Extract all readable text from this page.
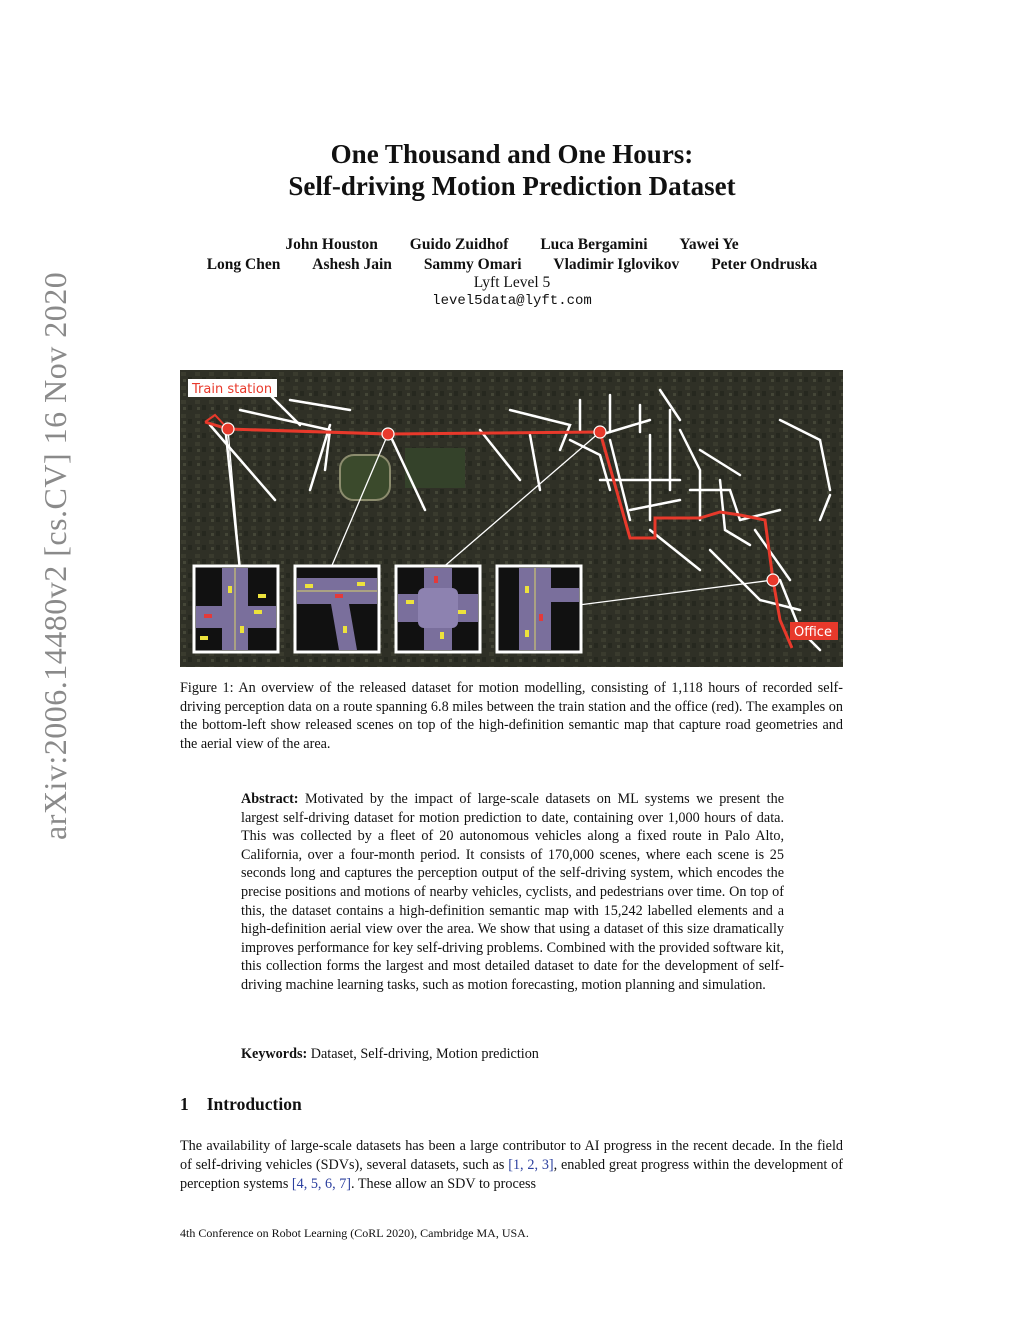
arXiv:2006.14480v2 [cs.CV] 16 Nov 2020
One Thousand and One Hours:
Self-driving Motion Prediction Dataset
John Houston Guido Zuidhof Luca Bergamini Yawei Ye
Long Chen Ashesh Jain Sammy Omari Vladimir Iglovikov Peter Ondruska
Lyft Level 5
level5data@lyft.com
Train station
Office
Figure 1: An overview of the released dataset for motion modelling, consisting of 1,118 hours of recorded self-driving perception data on a route spanning 6.8 miles between the train station and the office (red). The examples on the bottom-left show released scenes on top of the high-definition semantic map that capture road geometries and the aerial view of the area.
Abstract: Motivated by the impact of large-scale datasets on ML systems we present the largest self-driving dataset for motion prediction to date, containing over 1,000 hours of data. This was collected by a fleet of 20 autonomous vehicles along a fixed route in Palo Alto, California, over a four-month period. It consists of 170,000 scenes, where each scene is 25 seconds long and captures the perception output of the self-driving system, which encodes the precise positions and motions of nearby vehicles, cyclists, and pedestrians over time. On top of this, the dataset contains a high-definition semantic map with 15,242 labelled elements and a high-definition aerial view over the area. We show that using a dataset of this size dramatically improves performance for key self-driving problems. Combined with the provided software kit, this collection forms the largest and most detailed dataset to date for the development of self-driving machine learning tasks, such as motion forecasting, motion planning and simulation.
Keywords: Dataset, Self-driving, Motion prediction
1 Introduction
The availability of large-scale datasets has been a large contributor to AI progress in the recent decade. In the field of self-driving vehicles (SDVs), several datasets, such as [1, 2, 3], enabled great progress within the development of perception systems [4, 5, 6, 7]. These allow an SDV to process
4th Conference on Robot Learning (CoRL 2020), Cambridge MA, USA.
